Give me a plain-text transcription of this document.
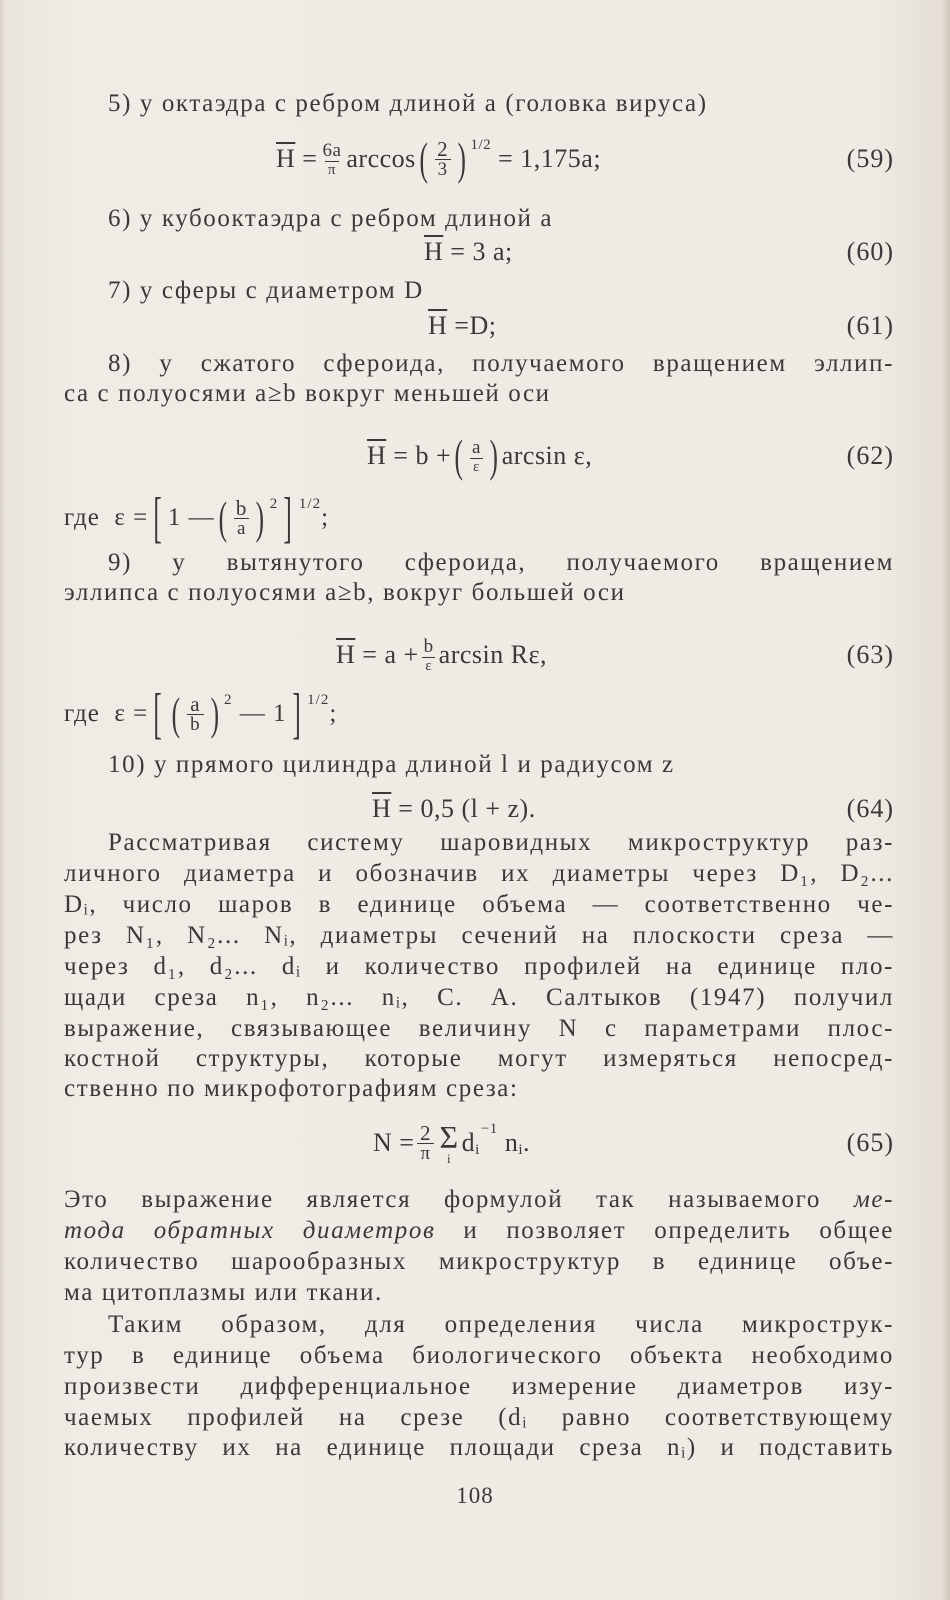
5) у октаэдра с ребром длиной а (головка вируса)
$\overline{H}$
= $\frac{6a}{\pi}$ arccos ( $\frac{2}{3}$ ) 1/2
= 1,175a;	(59)
6) у кубооктаэдра с ребром длиной а
$\overline{H}$
= 3 a;	(60)
7) у сферы с диаметром D
$\overline{H}$
=D;	(61)
8) у сжатого сфероида, получаемого вращением эллип-
са с полуосями a≥b вокруг меньшей оси
$\overline{H}$
= b + ( $\frac{a}{\varepsilon}$ ) arcsin ε,	(62)
где
ε = [ 1 — ( $\frac{b}{a}$ ) 2 ] 1/2
;
9) у вытянутого сфероида, получаемого вращением
эллипса с полуосями a≥b, вокруг большей оси
$\overline{H}$
= $a + \frac{b}{\varepsilon}$ arcsin Rε,	(63)
где
ε = [ ( $\frac{a}{b}$ ) 2

— 1 ] 1/2
;
10) у прямого цилиндра длиной l и радиусом z
$\overline{H}$
= 0,5 (l + z).	(64)
Рассматривая систему шаровидных микроструктур раз-
личного диаметра и обозначив их диаметры через D₁, D₂...
Dᵢ, число шаров в единице объема — соответственно че-
рез N₁, N₂... Nᵢ, диаметры сечений на плоскости среза —
через d₁, d₂... dᵢ и количество профилей на единице пло-
щади среза n₁, n₂... nᵢ, С. А. Салтыков (1947) получил
выражение, связывающее величину N с параметрами плос-
костной структуры, которые могут измеряться непосред-
ственно по микрофотографиям среза:
$N = \frac{2}{\pi}$ Σ
i
d i
−1
n i .	(65)
Это выражение является формулой так называемого ме-
тода обратных диаметров и позволяет определить общее
количество шарообразных микроструктур в единице объе-
ма цитоплазмы или ткани.
Таким образом, для определения числа микрострук-
тур в единице объема биологического объекта необходимо
произвести дифференциальное измерение диаметров изу-
чаемых профилей на срезе (dᵢ равно соответствующему
количеству их на единице площади среза nᵢ) и подставить
108
